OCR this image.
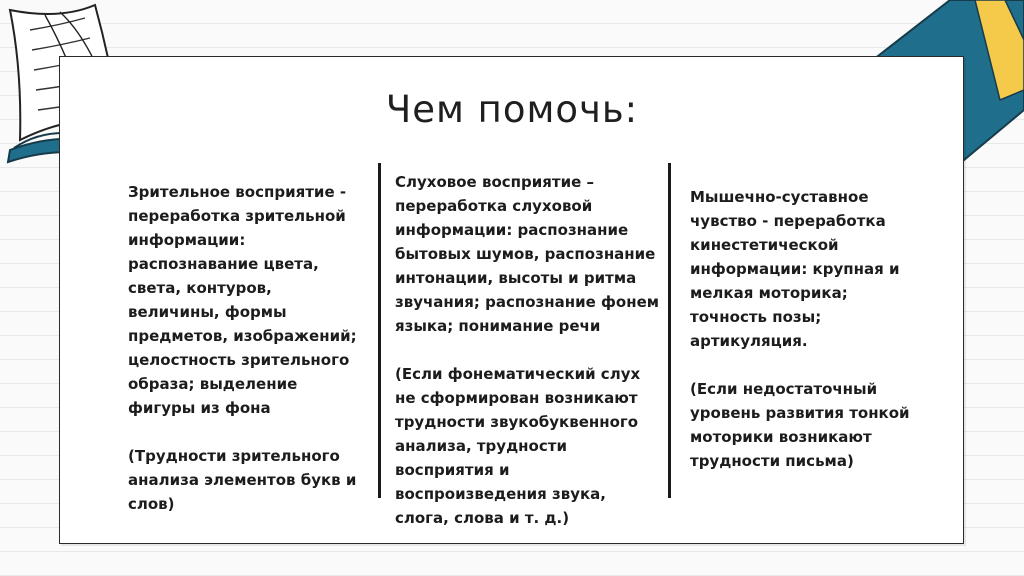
Чем помочь:

Зрительное восприятие - переработка зрительной информации: распознавание цвета, света, контуров, величины, формы предметов, изображений; целостность зрительного образа; выделение фигуры из фона

(Трудности зрительного анализа элементов букв и слов)

Слуховое восприятие – переработка слуховой информации: распознание бытовых шумов, распознание интонации, высоты и ритма звучания; распознание фонем языка; понимание речи

(Если фонематический слух не сформирован возникают трудности звукобуквенного анализа, трудности восприятия и воспроизведения звука, слога, слова и т. д.)

Мышечно-суставное чувство - переработка кинестетической информации: крупная и мелкая моторика; точность позы; артикуляция.

(Если недостаточный уровень развития тонкой моторики возникают трудности письма)
